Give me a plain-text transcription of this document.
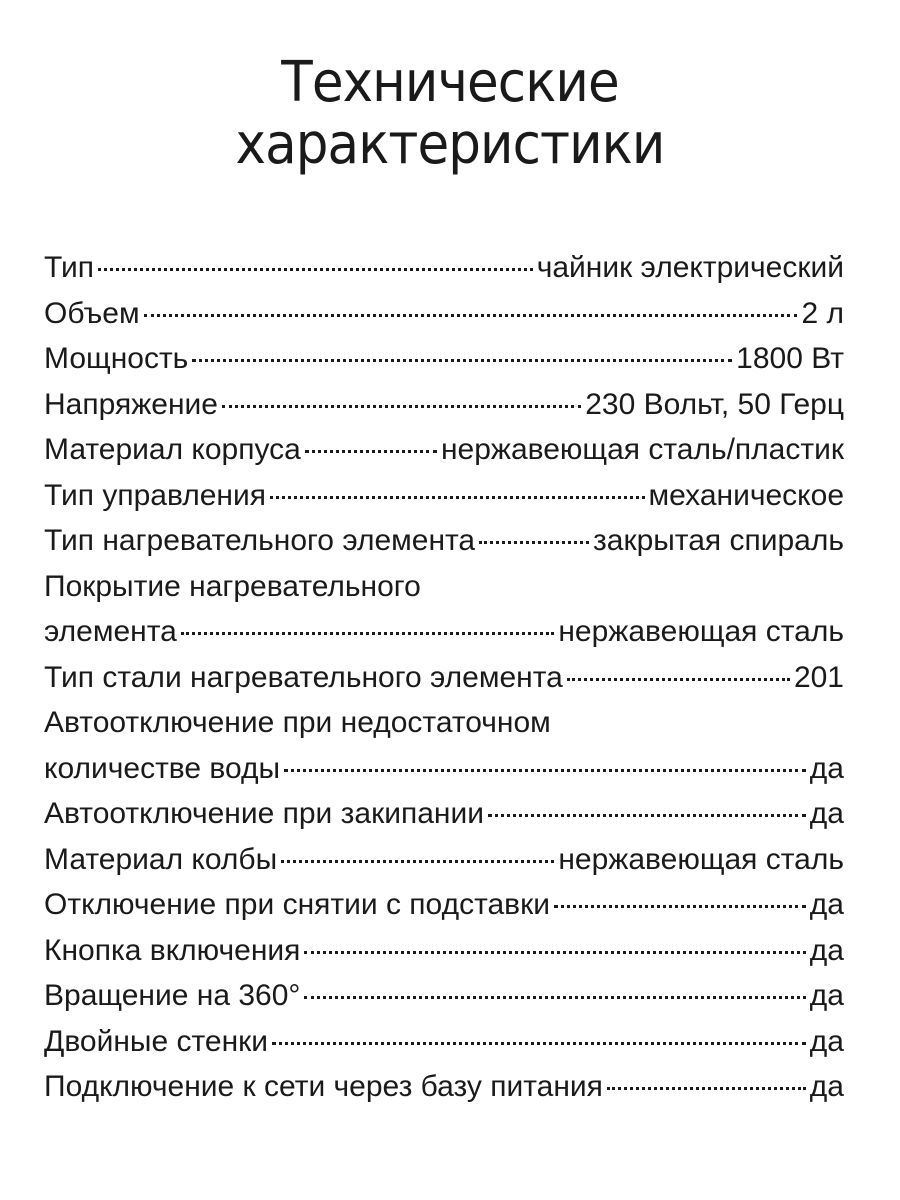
Технические
характеристики
Тип	чайник электрический
Объем	2 л
Мощность	1800 Вт
Напряжение	230 Вольт, 50 Герц
Материал корпуса	нержавеющая сталь/пластик
Тип управления	механическое
Тип нагревательного элемента	закрытая спираль
Покрытие нагревательного
элемента	нержавеющая сталь
Тип стали нагревательного элемента	201
Автоотключение при недостаточном
количестве воды	да
Автоотключение при закипании	да
Материал колбы	нержавеющая сталь
Отключение при снятии с подставки	да
Кнопка включения	да
Вращение на 360°	да
Двойные стенки	да
Подключение к сети через базу питания	да
